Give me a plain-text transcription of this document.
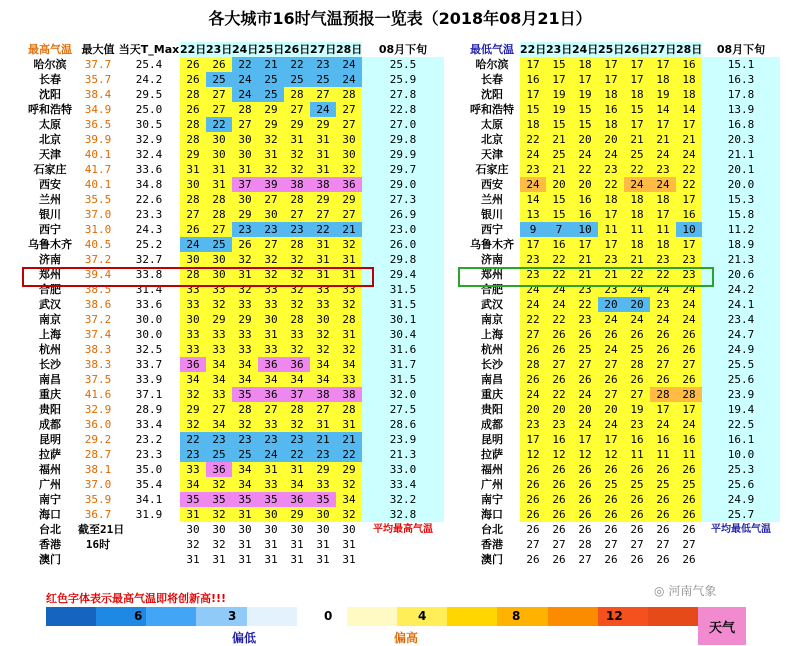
各大城市16时气温预报一览表（2018年08月21日）
最高气温	最大值	当天T_Max	22日	23日	24日	25日	26日	27日	28日	08月下旬
哈尔滨	37.7	25.4	26	26	22	21	22	23	24	25.5
长春	35.7	24.2	26	25	24	25	25	25	24	25.9
沈阳	38.4	29.5	28	27	24	25	28	27	28	27.8
呼和浩特	34.9	25.0	26	27	28	29	27	24	27	22.8
太原	36.5	30.5	28	22	27	29	29	29	27	27.0
北京	39.9	32.9	28	30	30	32	31	31	30	29.8
天津	40.1	32.4	29	30	30	31	32	31	30	29.9
石家庄	41.7	33.6	31	31	31	32	32	31	32	29.7
西安	40.1	34.8	30	31	37	39	38	38	36	29.0
兰州	35.5	22.6	28	28	30	27	28	29	29	27.3
银川	37.0	23.3	27	28	29	30	27	27	27	26.9
西宁	31.0	24.3	26	27	23	23	23	22	21	23.0
乌鲁木齐	40.5	25.2	24	25	26	27	28	31	32	26.0
济南	37.2	32.7	30	30	32	32	32	31	31	29.8
郑州	39.4	33.8	28	30	31	32	32	31	31	29.4
合肥	38.5	31.4	33	33	32	33	32	33	33	31.5
武汉	38.6	33.6	33	32	33	33	32	33	32	31.5
南京	37.2	30.0	30	29	29	30	28	30	28	30.1
上海	37.4	30.0	33	33	33	31	33	32	31	30.4
杭州	38.3	32.5	33	33	33	33	32	32	32	31.6
长沙	38.3	33.7	36	34	34	36	36	34	34	31.7
南昌	37.5	33.9	34	34	34	34	34	34	33	31.5
重庆	41.6	37.1	32	33	35	36	37	38	38	32.0
贵阳	32.9	28.9	29	27	28	27	28	27	28	27.5
成都	36.0	33.4	32	34	32	33	32	31	31	28.6
昆明	29.2	23.2	22	23	23	23	23	21	21	23.9
拉萨	28.7	23.3	23	25	25	24	22	23	22	21.3
福州	38.1	35.0	33	36	34	31	31	29	29	33.0
广州	37.0	35.4	34	32	34	33	34	33	32	33.4
南宁	35.9	34.1	35	35	35	35	36	35	34	32.2
海口	36.7	31.9	31	32	31	30	29	30	32	32.8
台北	截至21日		30	30	30	30	30	30	30	平均最高气温
香港	16时		32	32	31	31	31	31	31	
澳门			31	31	31	31	31	31	31	
最低气温	22日	23日	24日	25日	26日	27日	28日	08月下旬
哈尔滨	17	15	18	17	17	17	16	15.1
长春	16	17	17	17	17	18	18	16.3
沈阳	17	19	19	18	18	19	18	17.8
呼和浩特	15	19	15	16	15	14	14	13.9
太原	18	15	15	18	17	17	17	16.8
北京	22	21	20	20	21	21	21	20.3
天津	24	25	24	24	25	24	24	21.1
石家庄	23	21	22	23	22	23	22	20.1
西安	24	20	20	22	24	24	22	20.0
兰州	14	15	16	18	18	18	17	15.3
银川	13	15	16	17	18	17	16	15.8
西宁	9	7	10	11	11	11	10	11.2
乌鲁木齐	17	16	17	17	18	18	17	18.9
济南	23	22	21	23	21	23	23	21.3
郑州	23	22	21	21	22	22	23	20.6
合肥	24	24	23	23	24	24	24	24.2
武汉	24	24	22	20	20	23	24	24.1
南京	22	22	23	24	24	24	24	23.4
上海	27	26	26	26	26	26	26	24.7
杭州	26	26	25	24	25	26	26	24.9
长沙	28	27	27	27	28	27	27	25.5
南昌	26	26	26	26	26	26	26	25.6
重庆	24	22	24	27	27	28	28	23.9
贵阳	20	20	20	20	19	17	17	19.4
成都	23	23	24	24	23	24	24	22.5
昆明	17	16	17	17	16	16	16	16.1
拉萨	12	12	12	12	11	11	11	10.0
福州	26	26	26	26	26	26	26	25.3
广州	26	26	26	25	25	25	25	25.6
南宁	26	26	26	26	26	26	26	24.9
海口	26	26	26	26	26	26	26	25.7
台北	26	26	26	26	26	26	26	平均最低气温
香港	27	27	28	27	27	27	27	
澳门	26	26	27	26	26	26	26	
红色字体表示最高气温即将创新高!!!
6	3	0	4	8	12
偏低	偏高

天气
◎ 河南气象
